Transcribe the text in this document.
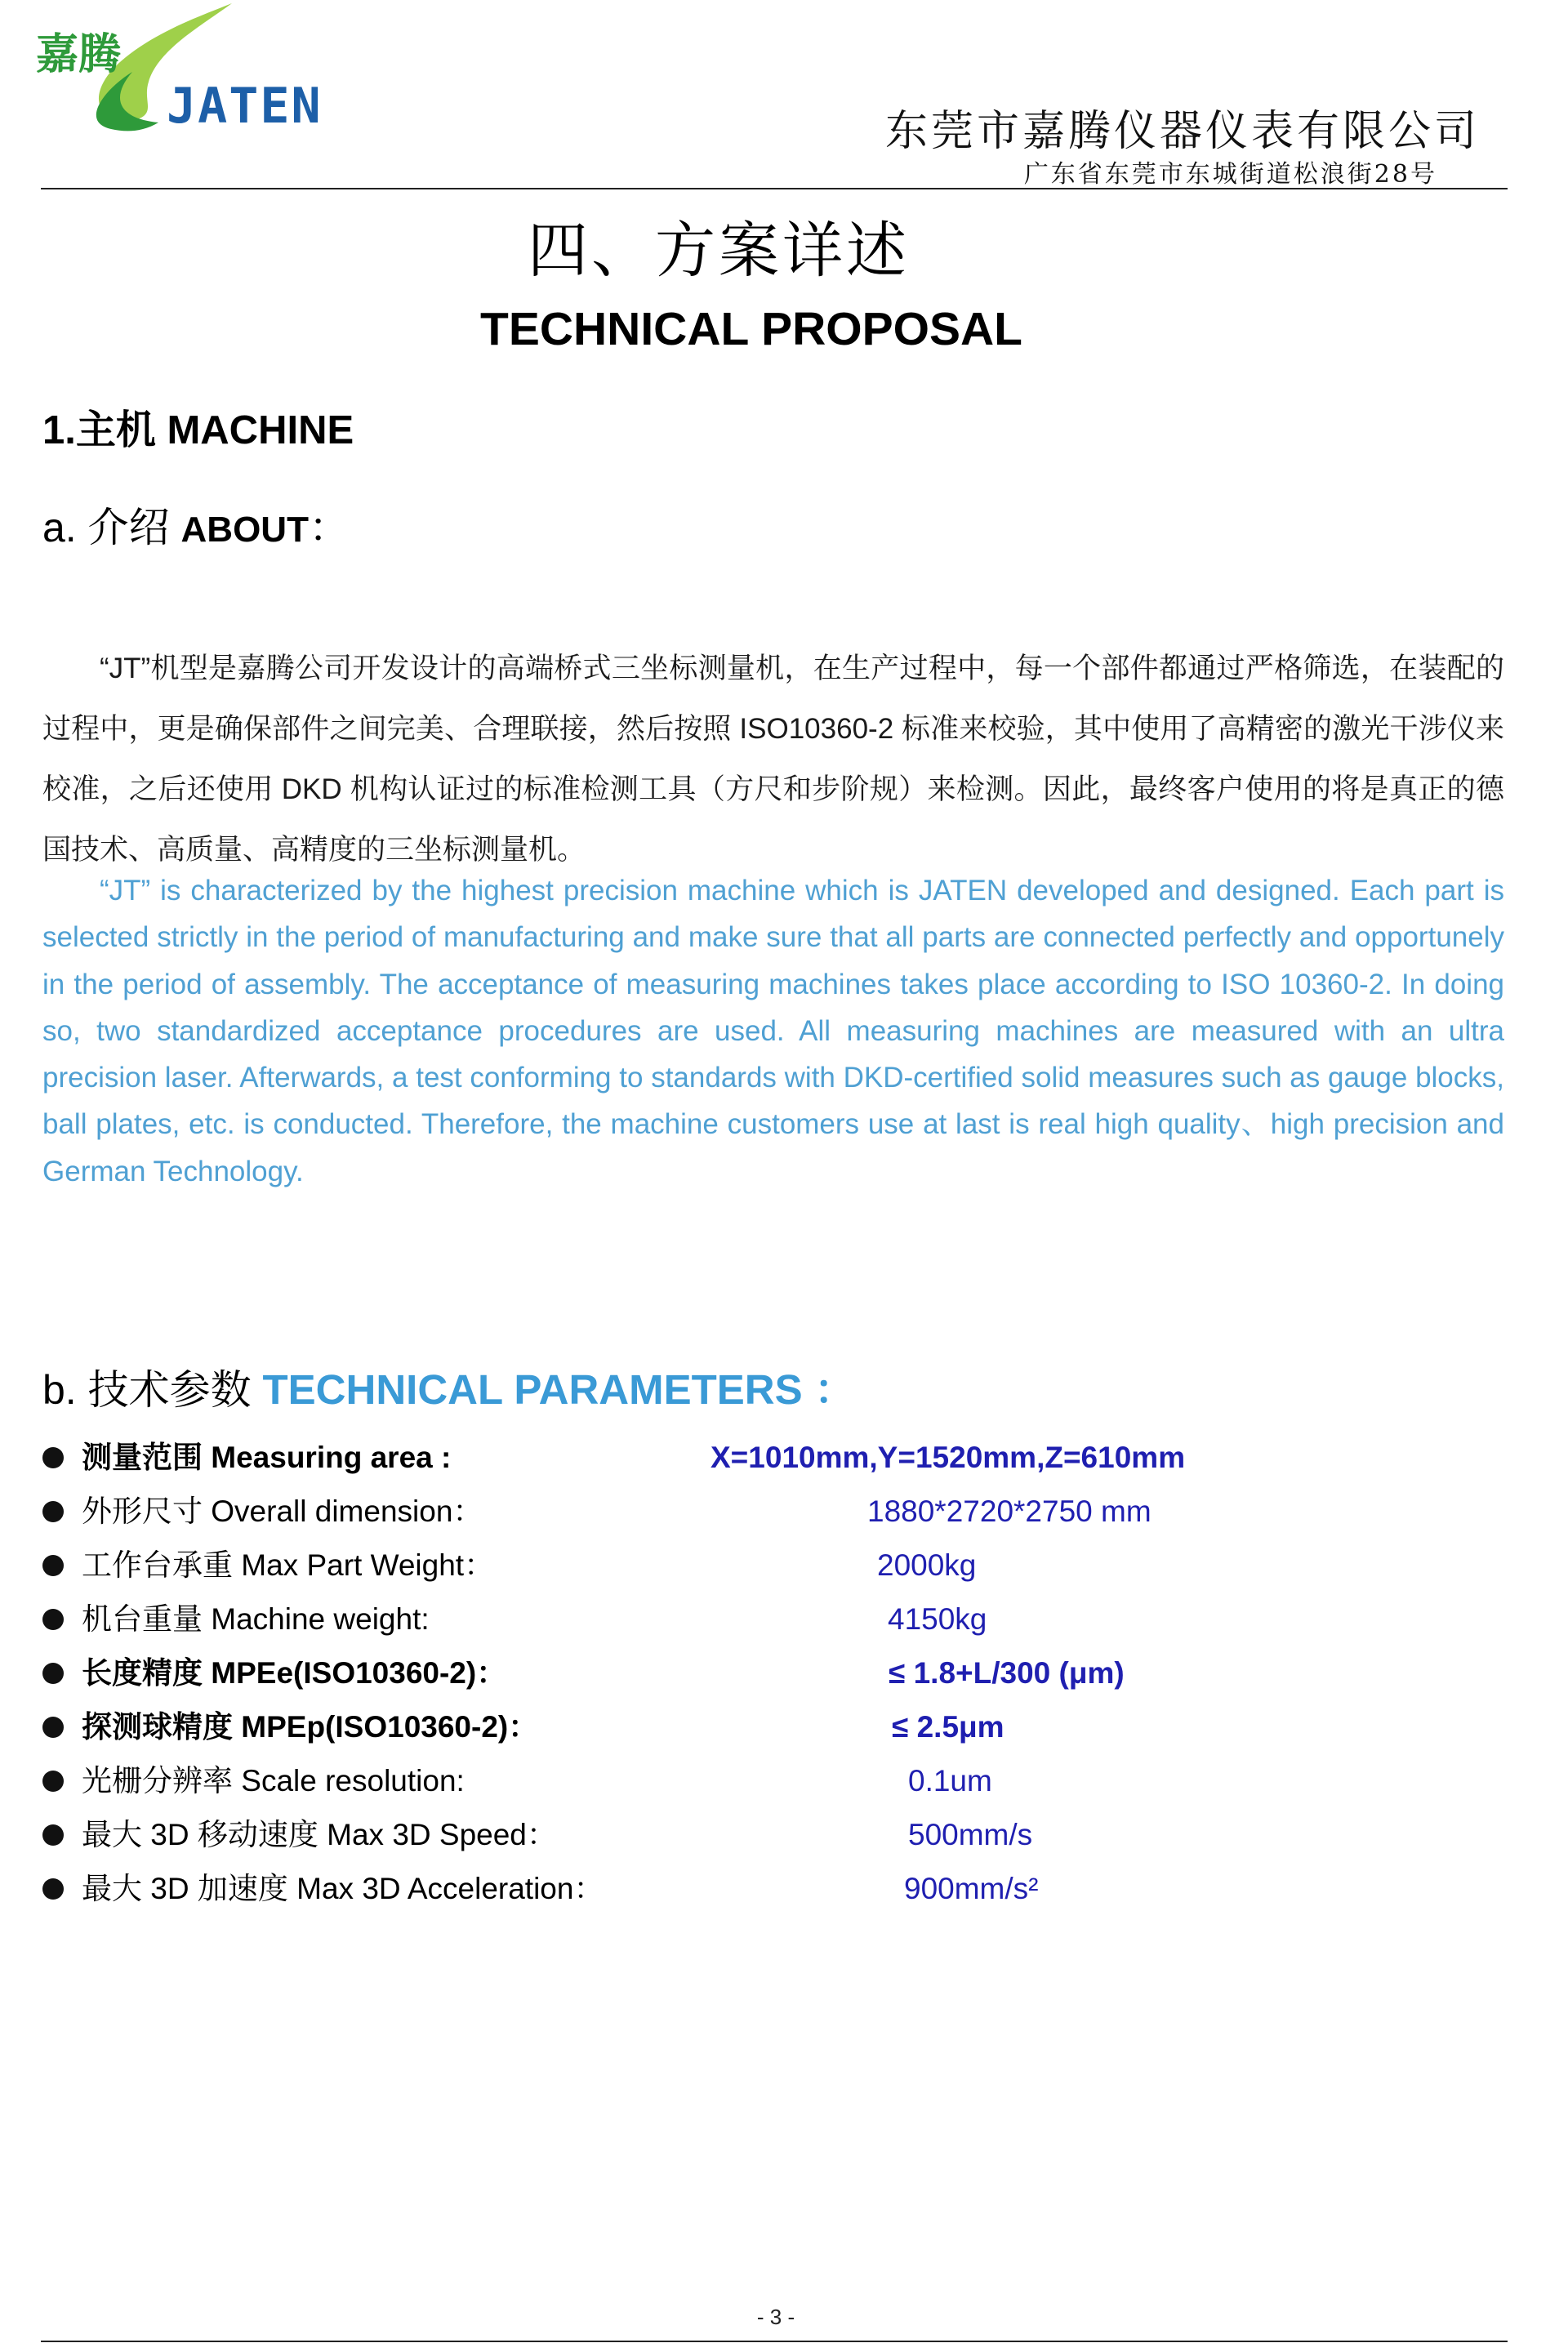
嘉腾
JATEN	东莞市嘉腾仪器仪表有限公司
广东省东莞市东城街道松浪街28号
四、方案详述
TECHNICAL PROPOSAL
1.主机 MACHINE
a. 介绍 ABOUT：
“JT”机型是嘉腾公司开发设计的高端桥式三坐标测量机，在生产过程中，每一个部件都通过严格筛选，在装配的过程中，更是确保部件之间完美、合理联接，然后按照 ISO10360-2 标准来校验，其中使用了高精密的激光干涉仪来校准，之后还使用 DKD 机构认证过的标准检测工具（方尺和步阶规）来检测。因此，最终客户使用的将是真正的德国技术、高质量、高精度的三坐标测量机。
“JT” is characterized by the highest precision machine which is JATEN developed and designed. Each part is selected strictly in the period of manufacturing and make sure that all parts are connected perfectly and opportunely in the period of assembly. The acceptance of measuring machines takes place according to ISO 10360-2. In doing so, two standardized acceptance procedures are used. All measuring machines are measured with an ultra precision laser. Afterwards, a test conforming to standards with DKD-certified solid measures such as gauge blocks, ball plates, etc. is conducted. Therefore, the machine customers use at last is real high quality、high precision and German Technology.
b. 技术参数 TECHNICAL PARAMETERS ：
测量范围 Measuring area :	X=1010mm,Y=1520mm,Z=610mm
外形尺寸 Overall dimension：	1880*2720*2750 mm
工作台承重 Max Part Weight：	2000kg
机台重量 Machine weight:	4150kg
长度精度 MPEe(ISO10360-2)：	≤ 1.8+L/300 (μm)
探测球精度 MPEp(ISO10360-2)：	≤ 2.5μm
光栅分辨率 Scale resolution:	0.1um
最大 3D 移动速度 Max 3D Speed：	500mm/s
最大 3D 加速度 Max 3D Acceleration：	900mm/s²
- 3 -
